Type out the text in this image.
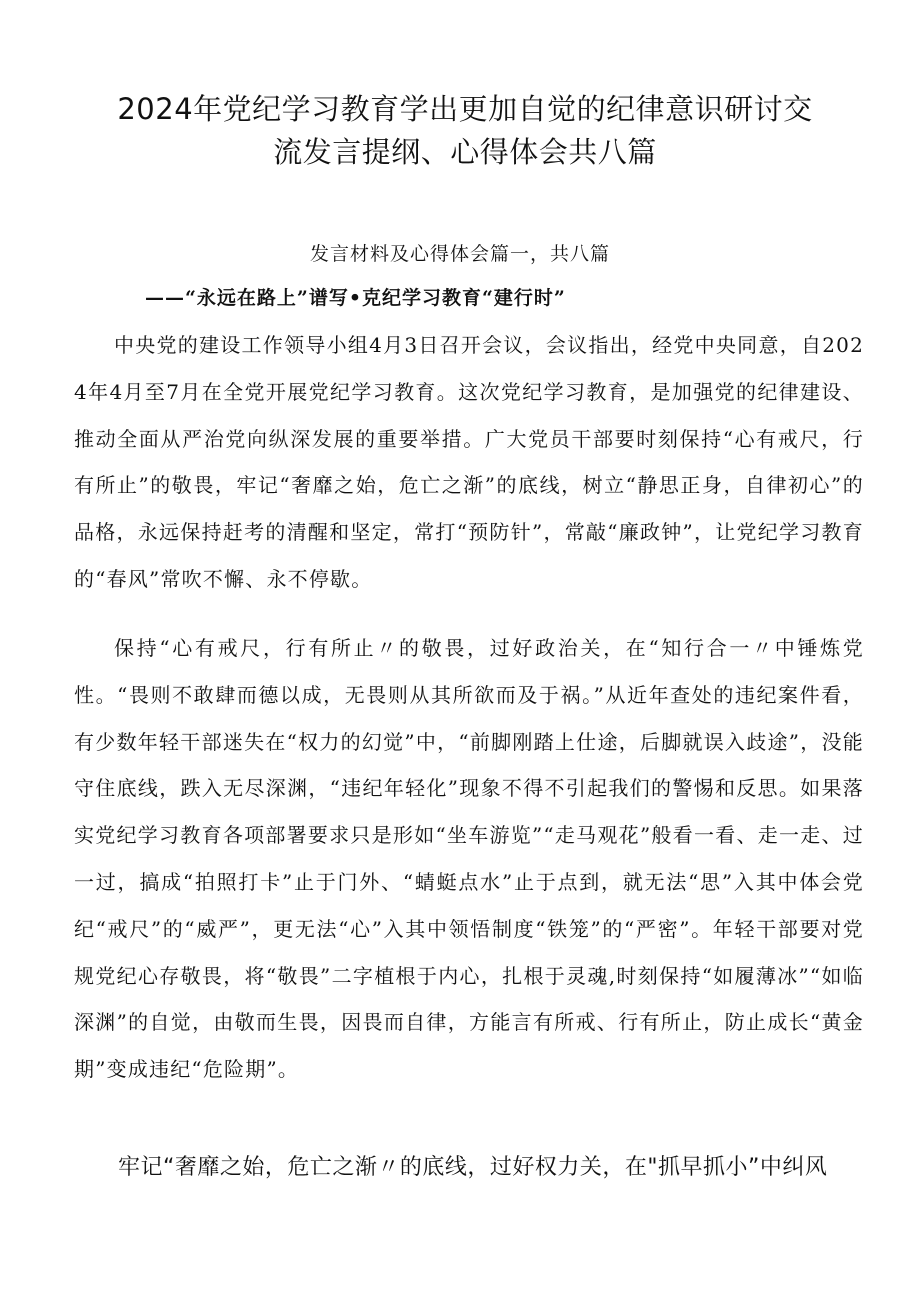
2024年党纪学习教育学出更加自觉的纪律意识研讨交流发言提纲、心得体会共八篇
发言材料及心得体会篇一，共八篇
——“永远在路上”谱写•克纪学习教育“建行时”

中央党的建设工作领导小组4月3日召开会议，会议指出，经党中央同意，自2024年4月至7月在全党开展党纪学习教育。这次党纪学习教育，是加强党的纪律建设、推动全面从严治党向纵深发展的重要举措。广大党员干部要时刻保持“心有戒尺，行有所止”的敬畏，牢记“奢靡之始，危亡之渐”的底线，树立“静思正身，自律初心”的品格，永远保持赶考的清醒和坚定，常打“预防针”，常敲“廉政钟”，让党纪学习教育的“春风”常吹不懈、永不停歇。

保持“心有戒尺，行有所止〃的敬畏，过好政治关，在“知行合一〃中锤炼党性。“畏则不敢肆而德以成，无畏则从其所欲而及于祸。”从近年查处的违纪案件看，有少数年轻干部迷失在“权力的幻觉”中，“前脚刚踏上仕途，后脚就误入歧途”，没能守住底线，跌入无尽深渊，“违纪年轻化”现象不得不引起我们的警惕和反思。如果落实党纪学习教育各项部署要求只是形如“坐车游览”“走马观花”般看一看、走一走、过一过，搞成“拍照打卡”止于门外、“蜻蜓点水”止于点到，就无法“思”入其中体会党纪“戒尺”的“威严”，更无法“心”入其中领悟制度“铁笼”的“严密”。年轻干部要对党规党纪心存敬畏，将“敬畏”二字植根于内心，扎根于灵魂,时刻保持“如履薄冰”“如临深渊”的自觉，由敬而生畏，因畏而自律，方能言有所戒、行有所止，防止成长“黄金期”变成违纪“危险期”。

牢记“奢靡之始，危亡之渐〃的底线，过好权力关，在"抓早抓小”中纠风
